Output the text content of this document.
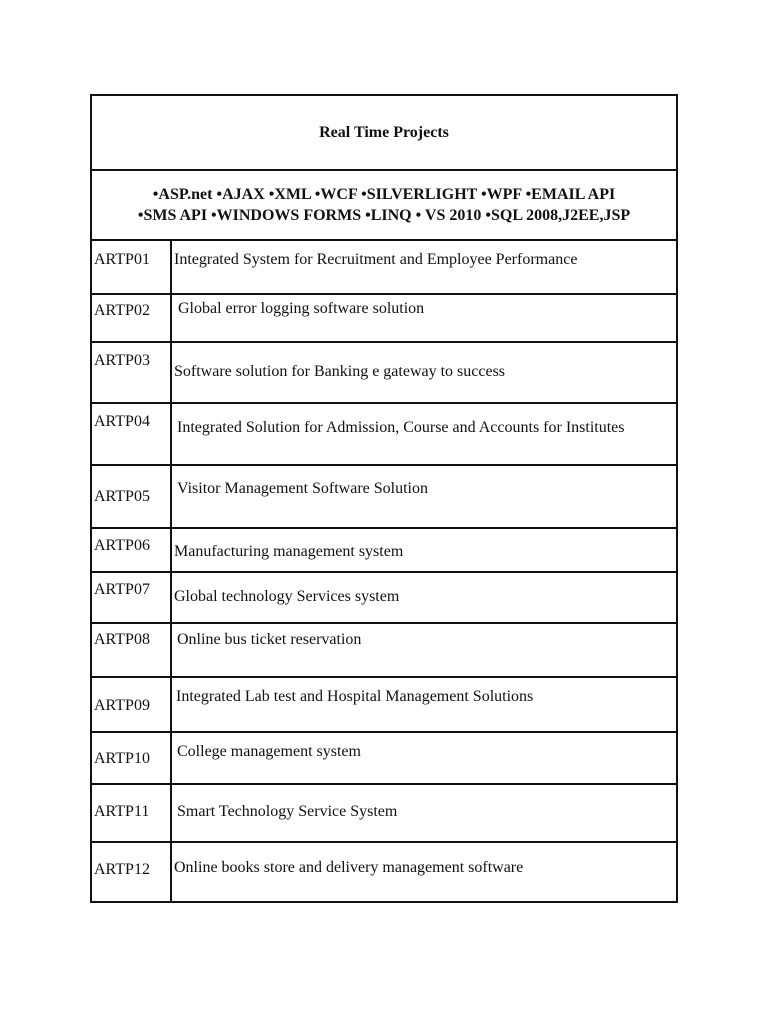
Real Time Projects	

•ASP.net •AJAX •XML •WCF •SILVERLIGHT •WPF •EMAIL API
•SMS API •WINDOWS FORMS •LINQ • VS 2010 •SQL 2008,J2EE,JSP	

ARTP01	Integrated System for Recruitment and Employee Performance

ARTP02	Global error logging software solution

ARTP03	Software solution for Banking e gateway to success

ARTP04	Integrated Solution for Admission, Course and Accounts for Institutes

ARTP05	Visitor Management Software Solution

ARTP06	Manufacturing management system

ARTP07	Global technology Services system

ARTP08	Online bus ticket reservation

ARTP09	Integrated Lab test and Hospital Management Solutions

ARTP10	College management system

ARTP11	Smart Technology Service System

ARTP12	Online books store and delivery management software
